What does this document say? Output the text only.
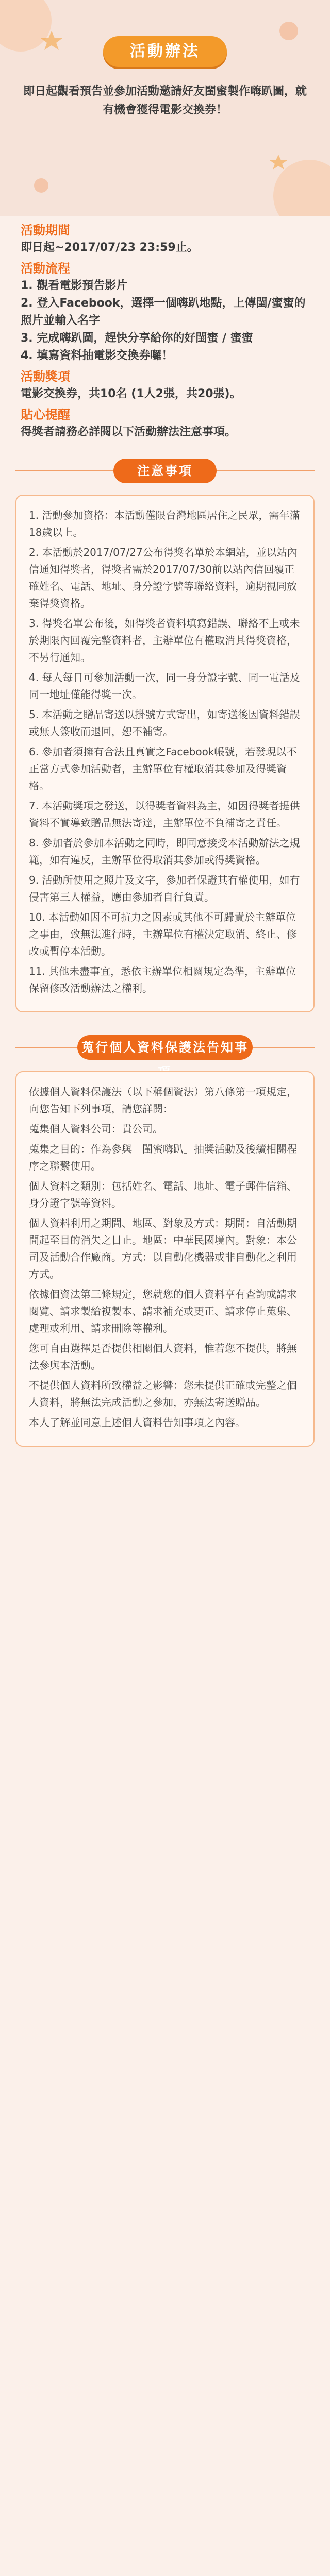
活動辦法
即日起觀看預告並參加活動邀請好友閨蜜製作嗨趴圖，就有機會獲得電影交換券！
活動期間
即日起~2017/07/23 23:59止。
活動流程
1. 觀看電影預告影片
2. 登入Facebook，選擇一個嗨趴地點，上傳閨/蜜蜜的照片並輸入名字
3. 完成嗨趴圖，趕快分享給你的好閨蜜 / 蜜蜜
4. 填寫資料抽電影交換券囉！
活動獎項
電影交換券，共10名 (1人2張，共20張)。
貼心提醒
得獎者請務必詳閱以下活動辦法注意事項。
注意事項

1. 活動參加資格：本活動僅限台灣地區居住之民眾，需年滿18歲以上。

2. 本活動於2017/07/27公布得獎名單於本網站，並以站內信通知得獎者，得獎者需於2017/07/30前以站內信回覆正確姓名、電話、地址、身分證字號等聯絡資料，逾期視同放棄得獎資格。

3. 得獎名單公布後，如得獎者資料填寫錯誤、聯絡不上或未於期限內回覆完整資料者，主辦單位有權取消其得獎資格，不另行通知。

4. 每人每日可參加活動一次，同一身分證字號、同一電話及同一地址僅能得獎一次。

5. 本活動之贈品寄送以掛號方式寄出，如寄送後因資料錯誤或無人簽收而退回，恕不補寄。

6. 參加者須擁有合法且真實之Facebook帳號，若發現以不正當方式參加活動者，主辦單位有權取消其參加及得獎資格。

7. 本活動獎項之發送，以得獎者資料為主，如因得獎者提供資料不實導致贈品無法寄達，主辦單位不負補寄之責任。

8. 參加者於參加本活動之同時，即同意接受本活動辦法之規範，如有違反，主辦單位得取消其參加或得獎資格。

9. 活動所使用之照片及文字，參加者保證其有權使用，如有侵害第三人權益，應由參加者自行負責。

10. 本活動如因不可抗力之因素或其他不可歸責於主辦單位之事由，致無法進行時，主辦單位有權決定取消、終止、修改或暫停本活動。

11. 其他未盡事宜，悉依主辦單位相關規定為準，主辦單位保留修改活動辦法之權利。

蒐行個人資料保護法告知事

依據個人資料保護法（以下稱個資法）第八條第一項規定，向您告知下列事項，請您詳閱：

蒐集個人資料公司：貴公司。

蒐集之目的：作為參與「閨蜜嗨趴」抽獎活動及後續相關程序之聯繫使用。

個人資料之類別：包括姓名、電話、地址、電子郵件信箱、身分證字號等資料。

個人資料利用之期間、地區、對象及方式：期間：自活動期間起至目的消失之日止。地區：中華民國境內。對象：本公司及活動合作廠商。方式：以自動化機器或非自動化之利用方式。

依據個資法第三條規定，您就您的個人資料享有查詢或請求閱覽、請求製給複製本、請求補充或更正、請求停止蒐集、處理或利用、請求刪除等權利。

您可自由選擇是否提供相關個人資料，惟若您不提供，將無法參與本活動。

不提供個人資料所致權益之影響：您未提供正確或完整之個人資料，將無法完成活動之參加，亦無法寄送贈品。

本人了解並同意上述個人資料告知事項之內容。
